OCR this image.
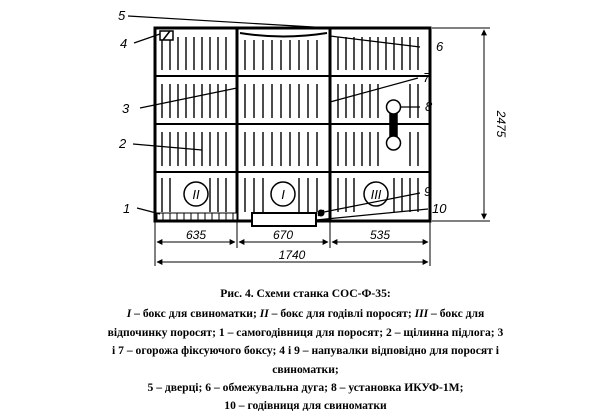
II	I	III
5
4
3
2
1
6
7
8
9
10
635	670	535
1740
2475
Рис. 4. Схеми станка СОС-Ф-35:
I – бокс для свиноматки; II – бокс для годівлі поросят; III – бокс для
відпочинку поросят; 1 – самогодівниця для поросят; 2 – щілинна підлога; 3
і 7 – огорожа фіксуючого боксу; 4 і 9 – напувалки відповідно для поросят і
свиноматки;
5 – дверці; 6 – обмежувальна дуга; 8 – установка ИКУФ-1М;
10 – годівниця для свиноматки
